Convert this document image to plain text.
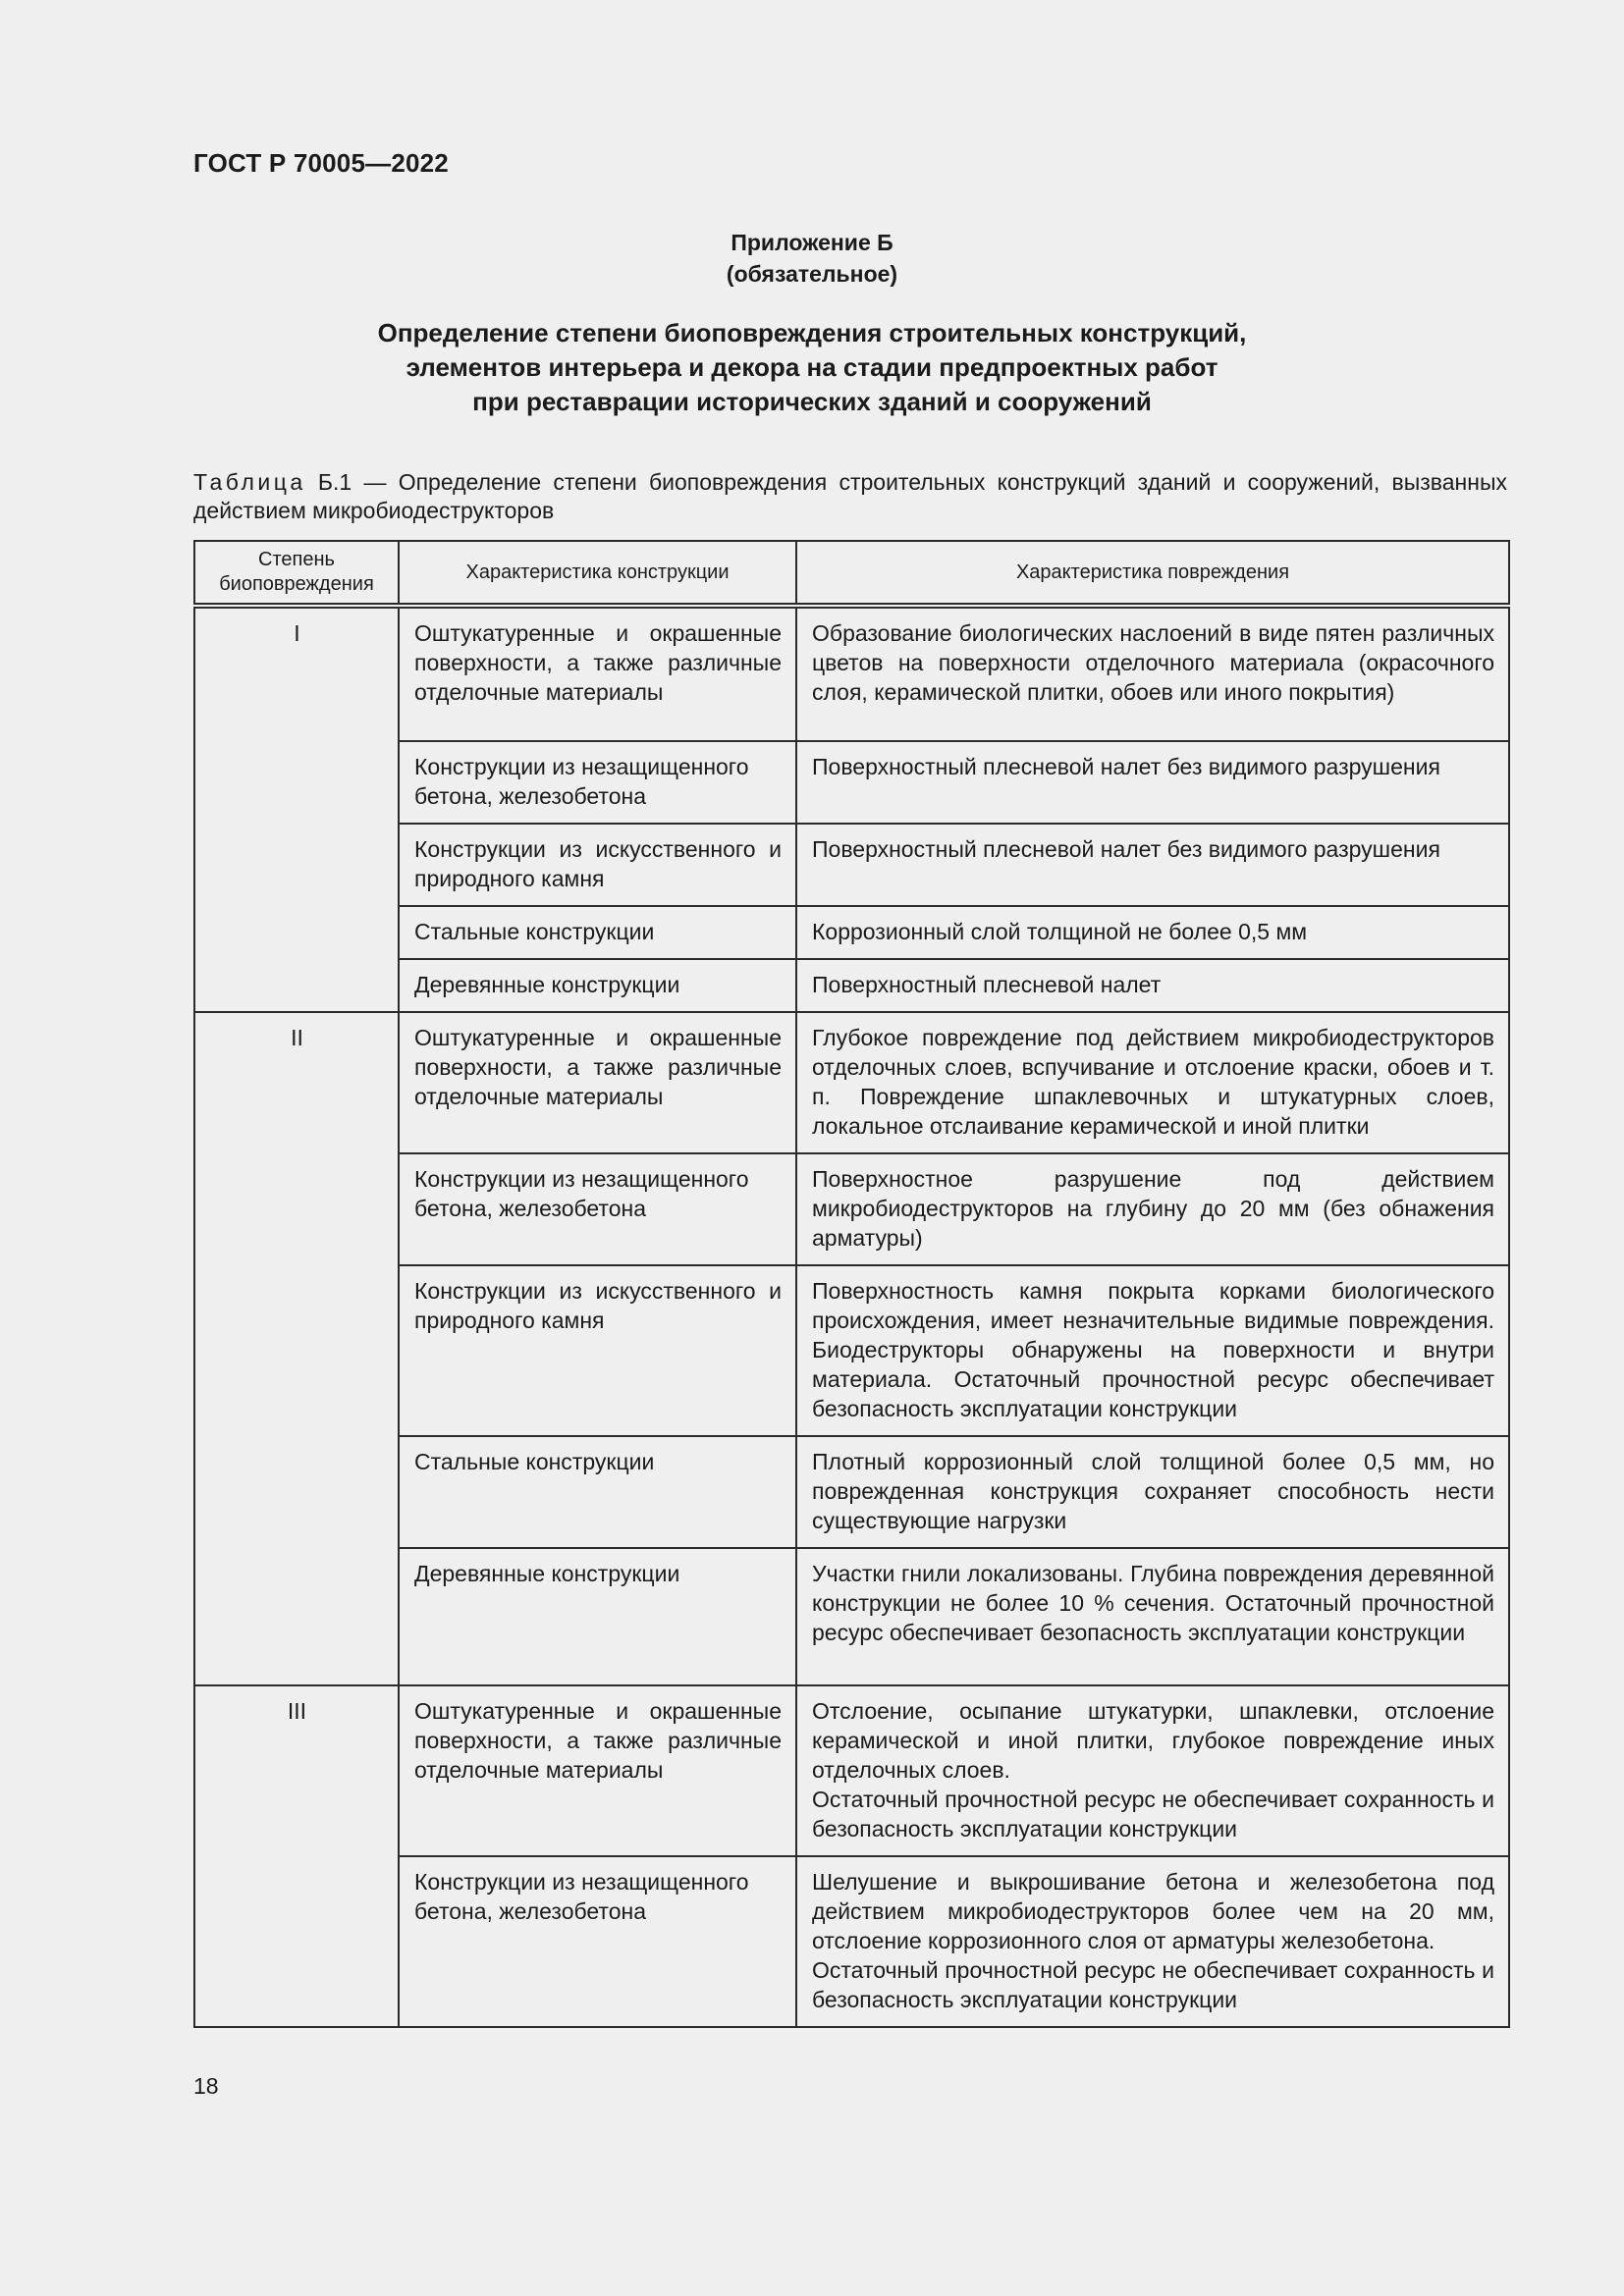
ГОСТ Р 70005—2022
Приложение Б
(обязательное)
Определение степени биоповреждения строительных конструкций,
элементов интерьера и декора на стадии предпроектных работ
при реставрации исторических зданий и сооружений
Таблица Б.1 — Определение степени биоповреждения строительных конструкций зданий и сооружений, вызванных действием микробиодеструкторов
Степень биоповреждения	Характеристика конструкции	Характеристика повреждения
I	Оштукатуренные и окрашенные поверхности, а также различные отделочные материалы	Образование биологических наслоений в виде пятен различных цветов на поверхности отделочного материала (окрасочного слоя, керамической плитки, обоев или иного покрытия)
	Конструкции из незащищенного бетона, железобетона	Поверхностный плесневой налет без видимого разрушения
	Конструкции из искусственного и природного камня	Поверхностный плесневой налет без видимого разрушения
	Стальные конструкции	Коррозионный слой толщиной не более 0,5 мм
	Деревянные конструкции	Поверхностный плесневой налет
II	Оштукатуренные и окрашенные поверхности, а также различные отделочные материалы	Глубокое повреждение под действием микробиодеструкторов отделочных слоев, вспучивание и отслоение краски, обоев и т. п. Повреждение шпаклевочных и штукатурных слоев, локальное отслаивание керамической и иной плитки
	Конструкции из незащищенного бетона, железобетона	Поверхностное разрушение под действием микробиодеструкторов на глубину до 20 мм (без обнажения арматуры)
	Конструкции из искусственного и природного камня	Поверхностность камня покрыта корками биологического происхождения, имеет незначительные видимые повреждения. Биодеструкторы обнаружены на поверхности и внутри материала. Остаточный прочностной ресурс обеспечивает безопасность эксплуатации конструкции
	Стальные конструкции	Плотный коррозионный слой толщиной более 0,5 мм, но поврежденная конструкция сохраняет способность нести существующие нагрузки
	Деревянные конструкции	Участки гнили локализованы. Глубина повреждения деревянной конструкции не более 10 % сечения. Остаточный прочностной ресурс обеспечивает безопасность эксплуатации конструкции
III	Оштукатуренные и окрашенные поверхности, а также различные отделочные материалы	Отслоение, осыпание штукатурки, шпаклевки, отслоение керамической и иной плитки, глубокое повреждение иных отделочных слоев.
Остаточный прочностной ресурс не обеспечивает сохранность и безопасность эксплуатации конструкции

	Конструкции из незащищенного бетона, железобетона	Шелушение и выкрошивание бетона и железобетона под действием микробиодеструкторов более чем на 20 мм, отслоение коррозионного слоя от арматуры железобетона.
Остаточный прочностной ресурс не обеспечивает сохранность и безопасность эксплуатации конструкции
18
